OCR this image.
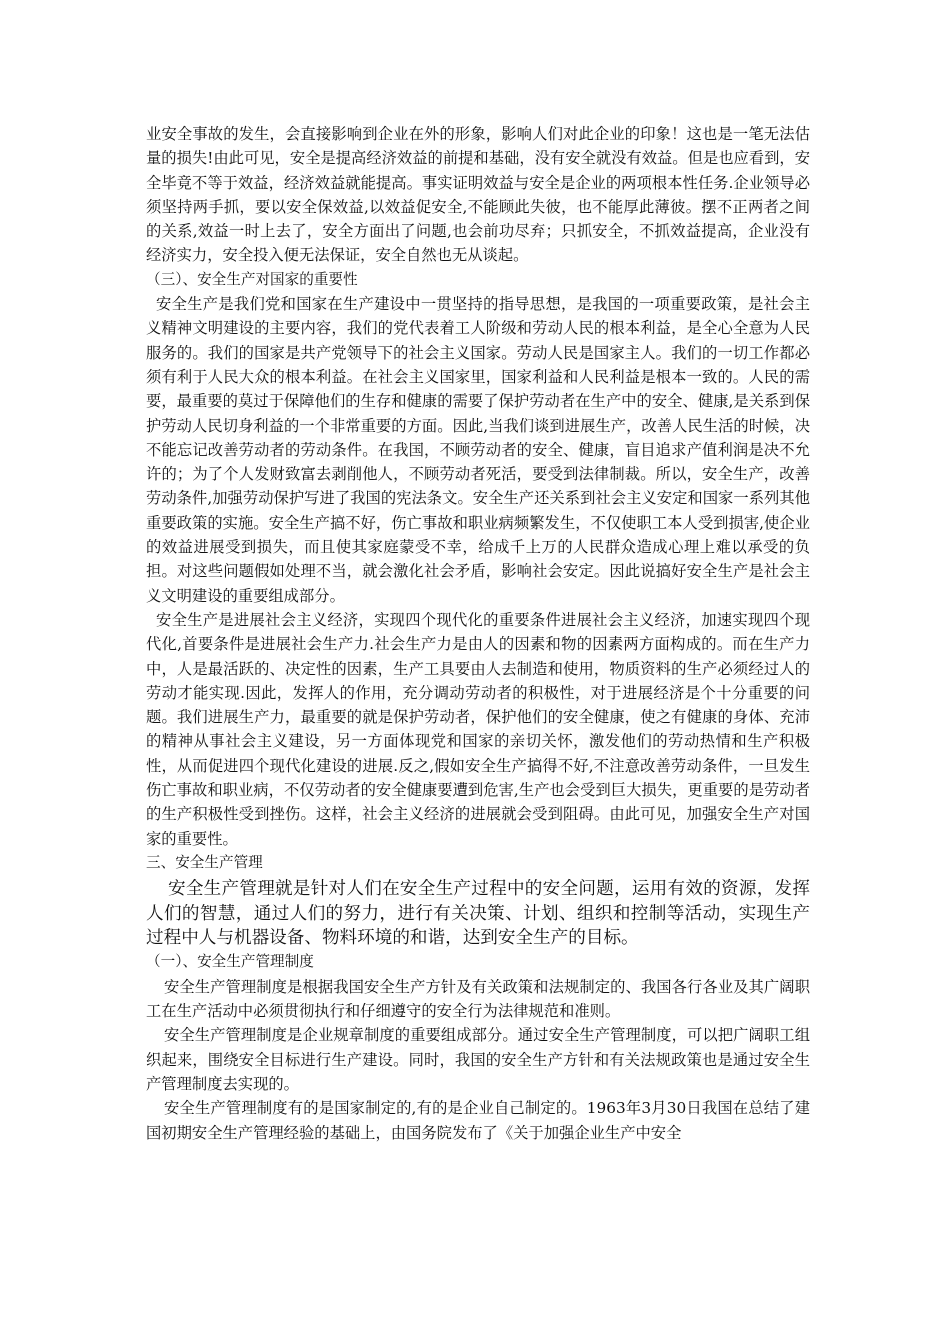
业安全事故的发生，会直接影响到企业在外的形象，影响人们对此企业的印象！这也是一笔无法估量的损失!由此可见，安全是提高经济效益的前提和基础，没有安全就没有效益。但是也应看到，安全毕竟不等于效益，经济效益就能提高。事实证明效益与安全是企业的两项根本性任务.企业领导必须坚持两手抓，要以安全保效益,以效益促安全,不能顾此失彼，也不能厚此薄彼。摆不正两者之间的关系,效益一时上去了，安全方面出了问题,也会前功尽弃；只抓安全，不抓效益提高，企业没有经济实力，安全投入便无法保证，安全自然也无从谈起。

（三）、安全生产对国家的重要性

安全生产是我们党和国家在生产建设中一贯坚持的指导思想，是我国的一项重要政策，是社会主义精神文明建设的主要内容，我们的党代表着工人阶级和劳动人民的根本利益，是全心全意为人民服务的。我们的国家是共产党领导下的社会主义国家。劳动人民是国家主人。我们的一切工作都必须有利于人民大众的根本利益。在社会主义国家里，国家利益和人民利益是根本一致的。人民的需要，最重要的莫过于保障他们的生存和健康的需要了保护劳动者在生产中的安全、健康,是关系到保护劳动人民切身利益的一个非常重要的方面。因此,当我们谈到进展生产，改善人民生活的时候，决不能忘记改善劳动者的劳动条件。在我国，不顾劳动者的安全、健康，盲目追求产值利润是决不允许的；为了个人发财致富去剥削他人，不顾劳动者死活，要受到法律制裁。所以，安全生产，改善劳动条件,加强劳动保护写进了我国的宪法条文。安全生产还关系到社会主义安定和国家一系列其他重要政策的实施。安全生产搞不好，伤亡事故和职业病频繁发生，不仅使职工本人受到损害,使企业的效益进展受到损失，而且使其家庭蒙受不幸，给成千上万的人民群众造成心理上难以承受的负担。对这些问题假如处理不当，就会激化社会矛盾，影响社会安定。因此说搞好安全生产是社会主义文明建设的重要组成部分。

安全生产是进展社会主义经济，实现四个现代化的重要条件进展社会主义经济，加速实现四个现代化,首要条件是进展社会生产力.社会生产力是由人的因素和物的因素两方面构成的。而在生产力中，人是最活跃的、决定性的因素，生产工具要由人去制造和使用，物质资料的生产必须经过人的劳动才能实现.因此，发挥人的作用，充分调动劳动者的积极性，对于进展经济是个十分重要的问题。我们进展生产力，最重要的就是保护劳动者，保护他们的安全健康，使之有健康的身体、充沛的精神从事社会主义建设，另一方面体现党和国家的亲切关怀，激发他们的劳动热情和生产积极性，从而促进四个现代化建设的进展.反之,假如安全生产搞得不好,不注意改善劳动条件，一旦发生伤亡事故和职业病，不仅劳动者的安全健康要遭到危害,生产也会受到巨大损失，更重要的是劳动者的生产积极性受到挫伤。这样，社会主义经济的进展就会受到阻碍。由此可见，加强安全生产对国家的重要性。

三、安全生产管理

安全生产管理就是针对人们在安全生产过程中的安全问题，运用有效的资源，发挥人们的智慧，通过人们的努力，进行有关决策、计划、组织和控制等活动，实现生产过程中人与机器设备、物料环境的和谐，达到安全生产的目标。

（一）、安全生产管理制度

安全生产管理制度是根据我国安全生产方针及有关政策和法规制定的、我国各行各业及其广阔职工在生产活动中必须贯彻执行和仔细遵守的安全行为法律规范和准则。

安全生产管理制度是企业规章制度的重要组成部分。通过安全生产管理制度，可以把广阔职工组织起来，围绕安全目标进行生产建设。同时，我国的安全生产方针和有关法规政策也是通过安全生产管理制度去实现的。

安全生产管理制度有的是国家制定的,有的是企业自己制定的。1963年3月30日我国在总结了建国初期安全生产管理经验的基础上，由国务院发布了《关于加强企业生产中安全
